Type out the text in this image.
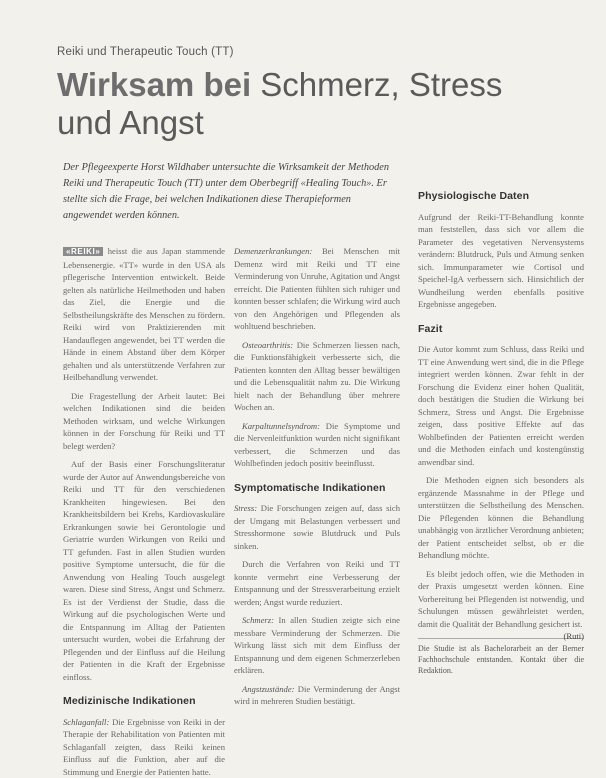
Reiki und Therapeutic Touch (TT)
Wirksam bei Schmerz, Stress und Angst
Der Pflegeexperte Horst Wildhaber untersuchte die Wirksamkeit der Methoden Reiki und Therapeutic Touch (TT) unter dem Oberbegriff «Healing Touch». Er stellte sich die Frage, bei welchen Indikationen diese Therapieformen angewendet werden können.

«REIKI» heisst die aus Japan stammende Lebensenergie. «TT» wurde in den USA als pflegerische Intervention entwickelt. Beide gelten als natürliche Heilmethoden und haben das Ziel, die Energie und die Selbstheilungskräfte des Menschen zu fördern. Reiki wird von Praktizierenden mit Handauflegen angewendet, bei TT werden die Hände in einem Abstand über dem Körper gehalten und als unterstützende Verfahren zur Heilbehandlung verwendet.

Die Fragestellung der Arbeit lautet: Bei welchen Indikationen sind die beiden Methoden wirksam, und welche Wirkungen können in der Forschung für Reiki und TT belegt werden?

Auf der Basis einer Forschungsliteratur wurde der Autor auf Anwendungsbereiche von Reiki und TT für den verschiedenen Krankheiten hingewiesen. Bei den Krankheitsbildern bei Krebs, Kardiovaskuläre Erkrankungen sowie bei Gerontologie und Geriatrie wurden Wirkungen von Reiki und TT gefunden. Fast in allen Studien wurden positive Symptome untersucht, die für die Anwendung von Healing Touch ausgelegt waren. Diese sind Stress, Angst und Schmerz. Es ist der Verdienst der Studie, dass die Wirkung auf die psychologischen Werte und die Entspannung im Alltag der Patienten untersucht wurden, wobei die Erfahrung der Pflegenden und der Einfluss auf die Heilung der Patienten in die Kraft der Ergebnisse einfloss.

Medizinische Indikationen

Schlaganfall: Die Ergebnisse von Reiki in der Therapie der Rehabilitation von Patienten mit Schlaganfall zeigten, dass Reiki keinen Einfluss auf die Funktion, aber auf die Stimmung und Energie der Patienten hatte.

Demenzerkrankungen: Bei Menschen mit Demenz wird mit Reiki und TT eine Verminderung von Unruhe, Agitation und Angst erreicht. Die Patienten fühlten sich ruhiger und konnten besser schlafen; die Wirkung wird auch von den Angehörigen und Pflegenden als wohltuend beschrieben.

Osteoarthritis: Die Schmerzen liessen nach, die Funktionsfähigkeit verbesserte sich, die Patienten konnten den Alltag besser bewältigen und die Lebensqualität nahm zu. Die Wirkung hielt nach der Behandlung über mehrere Wochen an.

Karpaltunnelsyndrom: Die Symptome und die Nervenleitfunktion wurden nicht signifikant verbessert, die Schmerzen und das Wohlbefinden jedoch positiv beeinflusst.

Symptomatische Indikationen

Stress: Die Forschungen zeigen auf, dass sich der Umgang mit Belastungen verbessert und Stresshormone sowie Blutdruck und Puls sinken.

Durch die Verfahren von Reiki und TT konnte vermehrt eine Verbesserung der Entspannung und der Stressverarbeitung erzielt werden; Angst wurde reduziert.

Schmerz: In allen Studien zeigte sich eine messbare Verminderung der Schmerzen. Die Wirkung lässt sich mit dem Einfluss der Entspannung und dem eigenen Schmerzerleben erklären.

Angstzustände: Die Verminderung der Angst wird in mehreren Studien bestätigt.

Physiologische Daten

Aufgrund der Reiki-TT-Behandlung konnte man feststellen, dass sich vor allem die Parameter des vegetativen Nervensystems verändern: Blutdruck, Puls und Atmung senken sich. Immunparameter wie Cortisol und Speichel-IgA verbessern sich. Hinsichtlich der Wundheilung werden ebenfalls positive Ergebnisse angegeben.

Fazit

Die Autor kommt zum Schluss, dass Reiki und TT eine Anwendung wert sind, die in die Pflege integriert werden können. Zwar fehlt in der Forschung die Evidenz einer hohen Qualität, doch bestätigen die Studien die Wirkung bei Schmerz, Stress und Angst. Die Ergebnisse zeigen, dass positive Effekte auf das Wohlbefinden der Patienten erreicht werden und die Methoden einfach und kostengünstig anwendbar sind.

Die Methoden eignen sich besonders als ergänzende Massnahme in der Pflege und unterstützen die Selbstheilung des Menschen. Die Pflegenden können die Behandlung unabhängig von ärztlicher Verordnung anbieten; der Patient entscheidet selbst, ob er die Behandlung möchte.

Es bleibt jedoch offen, wie die Methoden in der Praxis umgesetzt werden können. Eine Vorbereitung bei Pflegenden ist notwendig, und Schulungen müssen gewährleistet werden, damit die Qualität der Behandlung gesichert ist.
(Ruti)

Die Studie ist als Bachelorarbeit an der Berner Fachhochschule entstanden. Kontakt über die Redaktion.
